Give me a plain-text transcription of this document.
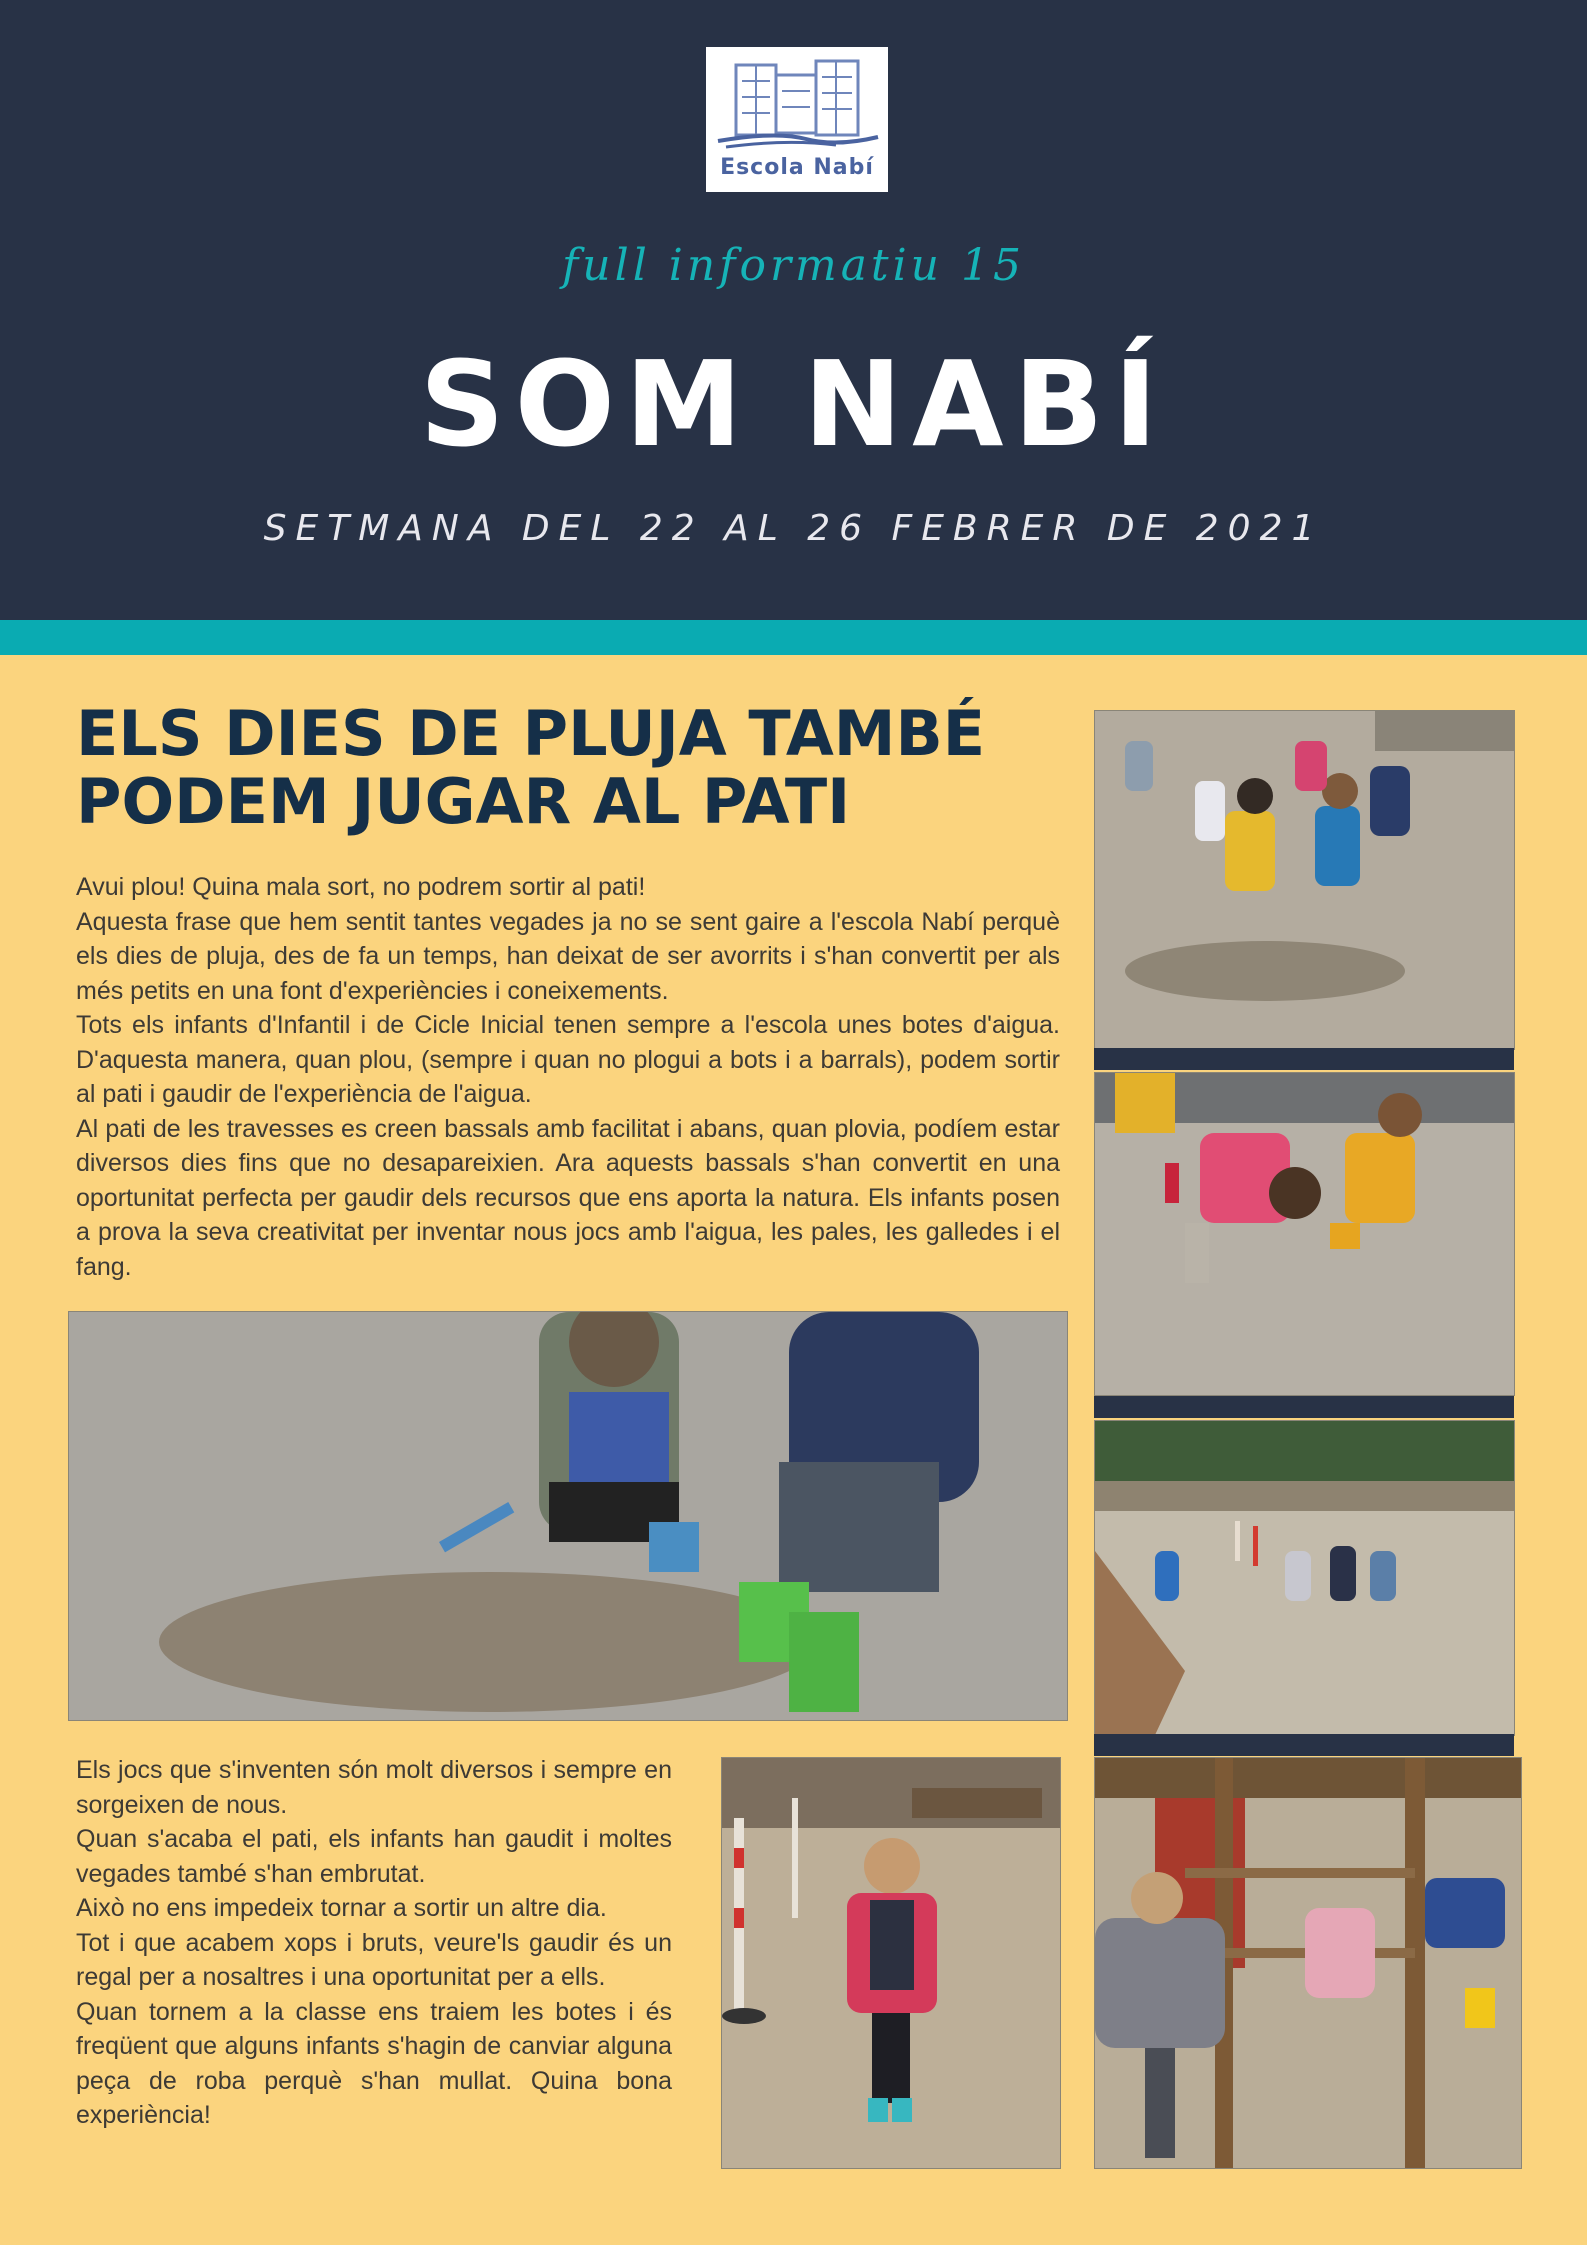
Escola Nabí
full informatiu 15
SOM NABÍ
SETMANA DEL 22 AL 26 FEBRER DE 2021
ELS DIES DE PLUJA TAMBÉ
PODEM JUGAR AL PATI

Avui plou! Quina mala sort, no podrem sortir al pati!

Aquesta frase que hem sentit tantes vegades ja no se sent gaire a l'escola Nabí perquè els dies de pluja, des de fa un temps, han deixat de ser avorrits i s'han convertit per als més petits en una font d'experiències i coneixements.

Tots els infants d'Infantil i de Cicle Inicial tenen sempre a l'escola unes botes d'aigua. D'aquesta manera, quan plou, (sempre i quan no plogui a bots i a barrals), podem sortir al pati i gaudir de l'experiència de l'aigua.

Al pati de les travesses es creen bassals amb facilitat i abans, quan plovia, podíem estar diversos dies fins que no desapareixien. Ara aquests bassals s'han convertit en una oportunitat perfecta per gaudir dels recursos que ens aporta la natura. Els infants posen a prova la seva creativitat per inventar nous jocs amb l'aigua, les pales, les galledes i el fang.

Els jocs que s'inventen són molt diversos i sempre en sorgeixen de nous.

Quan s'acaba el pati, els infants han gaudit i moltes vegades també s'han embrutat.

Això no ens impedeix tornar a sortir un altre dia.

Tot i que acabem xops i bruts, veure'ls gaudir és un regal per a nosaltres i una oportunitat per a ells.

Quan tornem a la classe ens traiem les botes i és freqüent que alguns infants s'hagin de canviar alguna peça de roba perquè s'han mullat. Quina bona experiència!
